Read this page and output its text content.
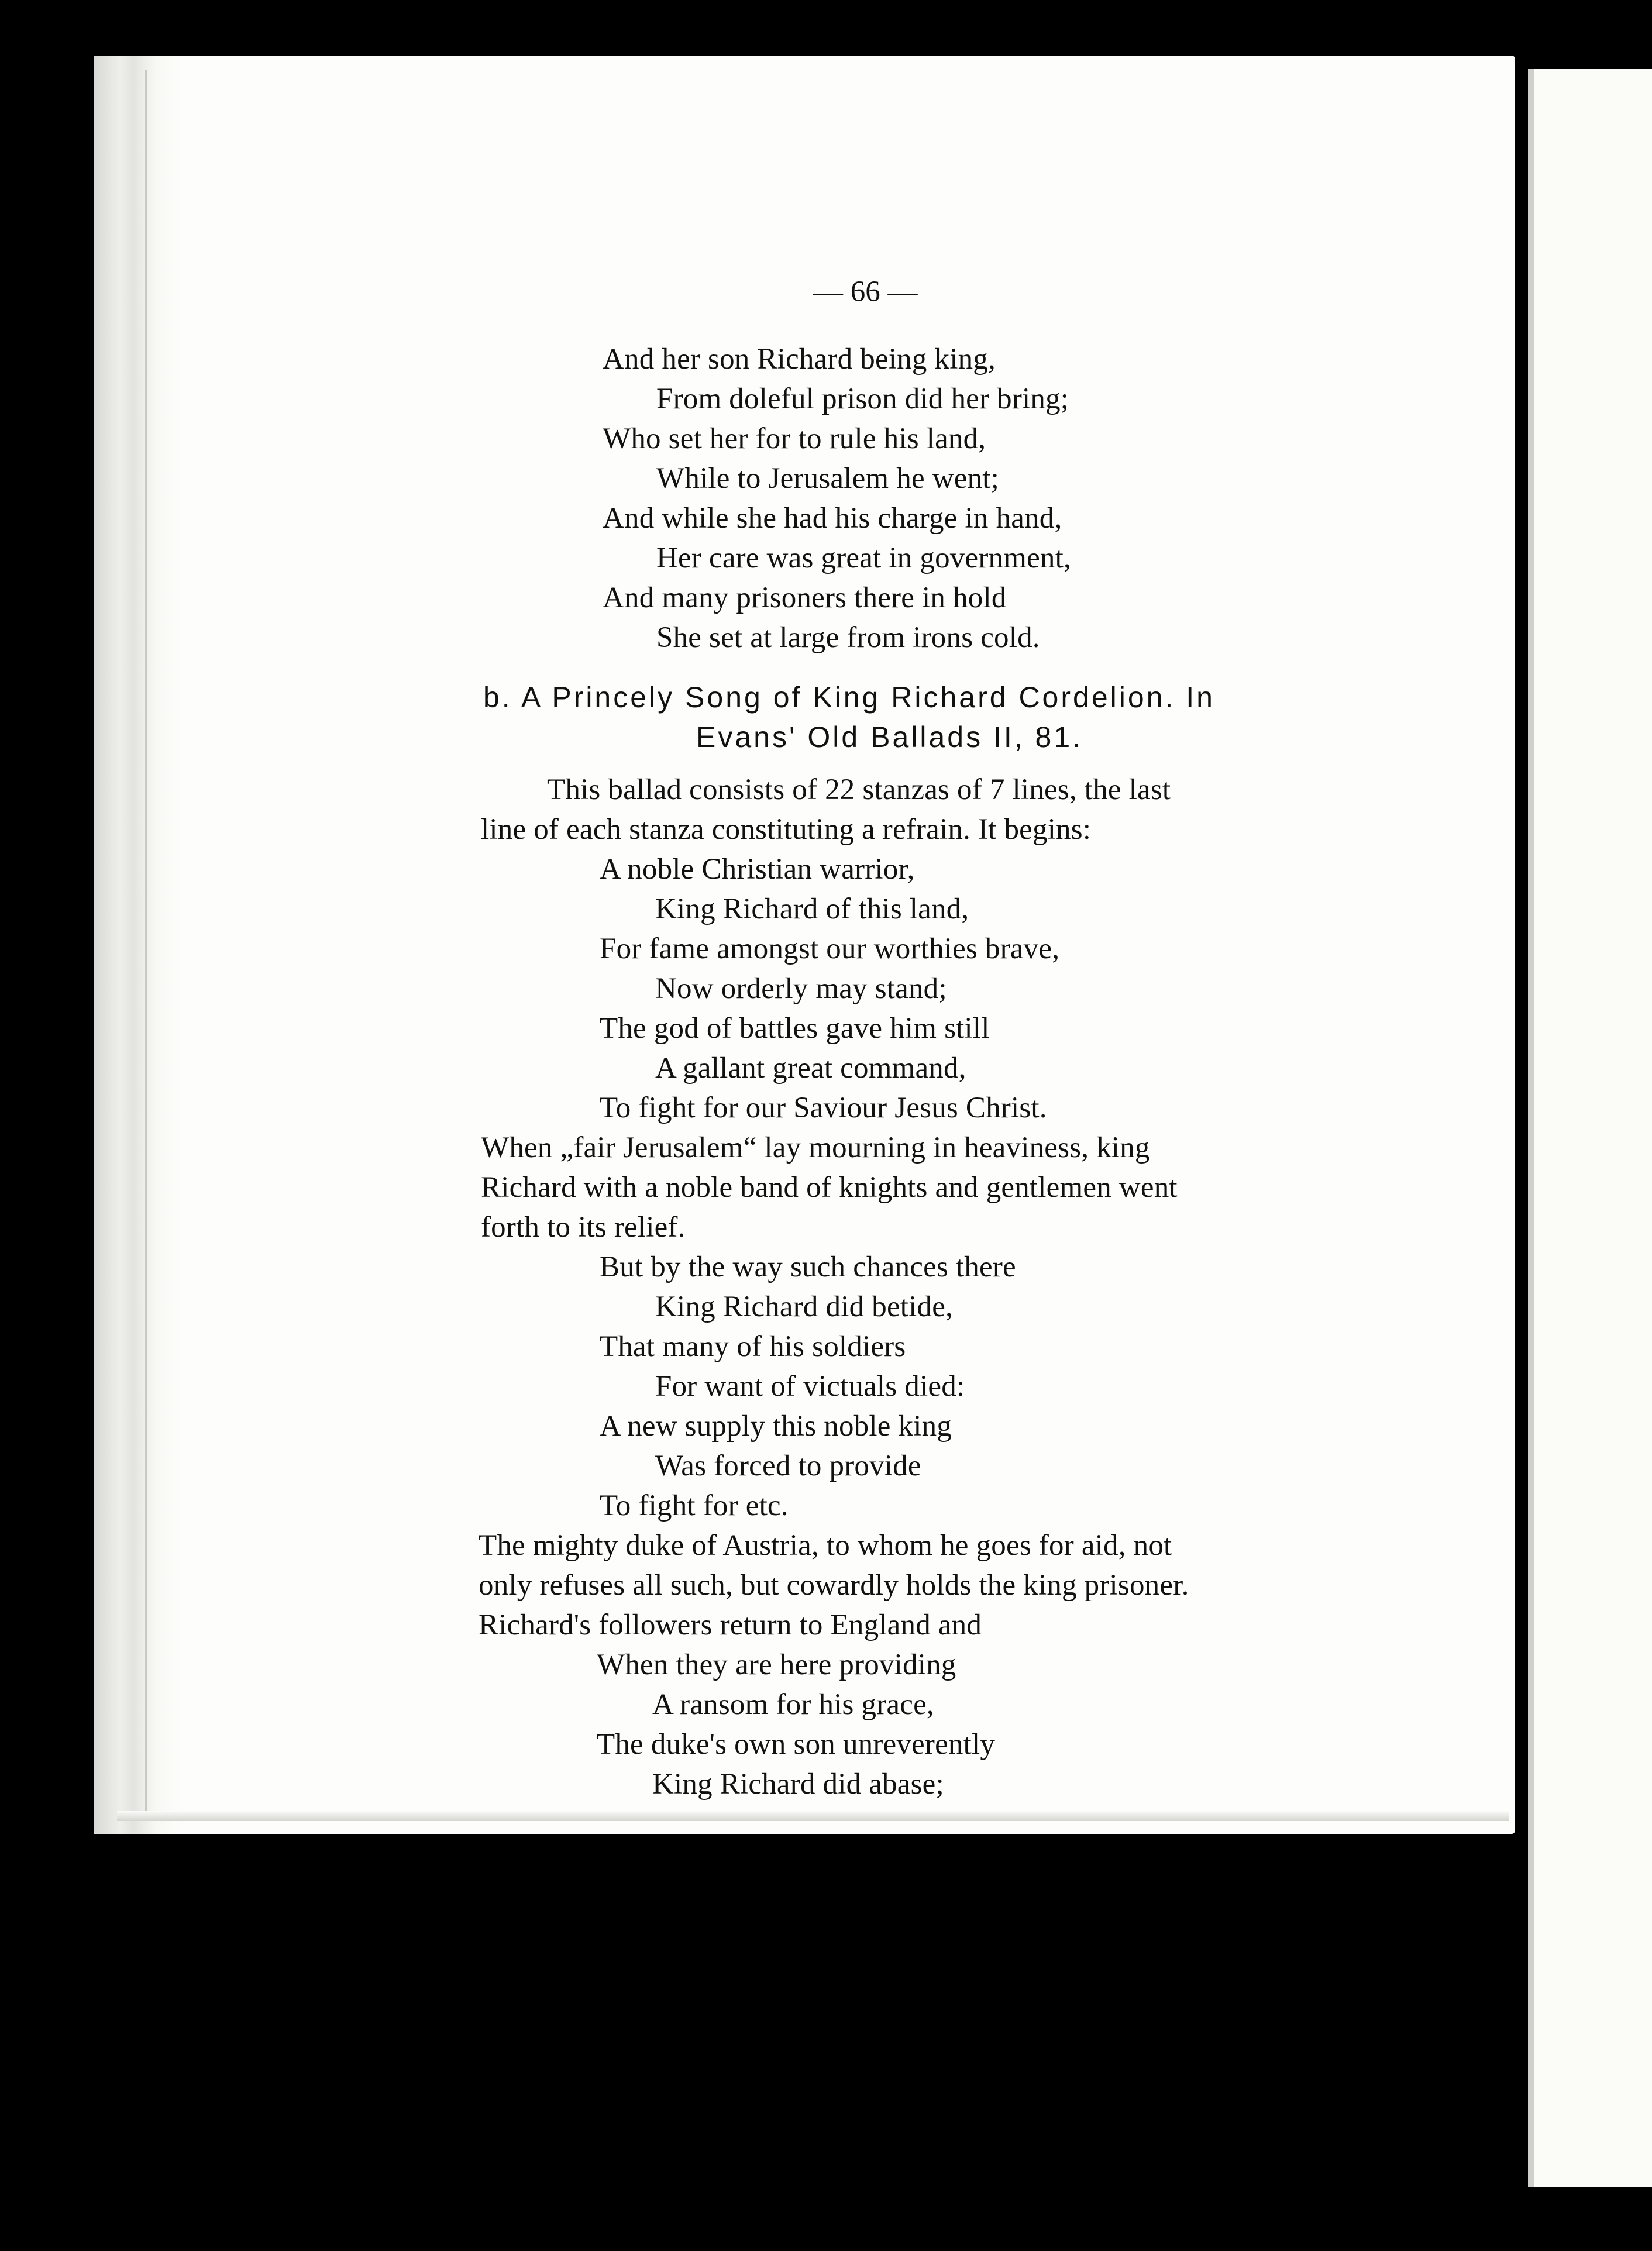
— 66 —
And her son Richard being king,
From doleful prison did her bring;
Who set her for to rule his land,
While to Jerusalem he went;
And while she had his charge in hand,
Her care was great in government,
And many prisoners there in hold
She set at large from irons cold.
b. A Princely Song of King Richard Cordelion. In
Evans' Old Ballads II, 81.
This ballad consists of 22 stanzas of 7 lines, the last
line of each stanza constituting a refrain. It begins:
A noble Christian warrior,
King Richard of this land,
For fame amongst our worthies brave,
Now orderly may stand;
The god of battles gave him still
A gallant great command,
To fight for our Saviour Jesus Christ.
When „fair Jerusalem“ lay mourning in heaviness, king
Richard with a noble band of knights and gentlemen went
forth to its relief.
But by the way such chances there
King Richard did betide,
That many of his soldiers
For want of victuals died:
A new supply this noble king
Was forced to provide
To fight for etc.
The mighty duke of Austria, to whom he goes for aid, not
only refuses all such, but cowardly holds the king prisoner.
Richard's followers return to England and
When they are here providing
A ransom for his grace,
The duke's own son unreverently
King Richard did abase;
